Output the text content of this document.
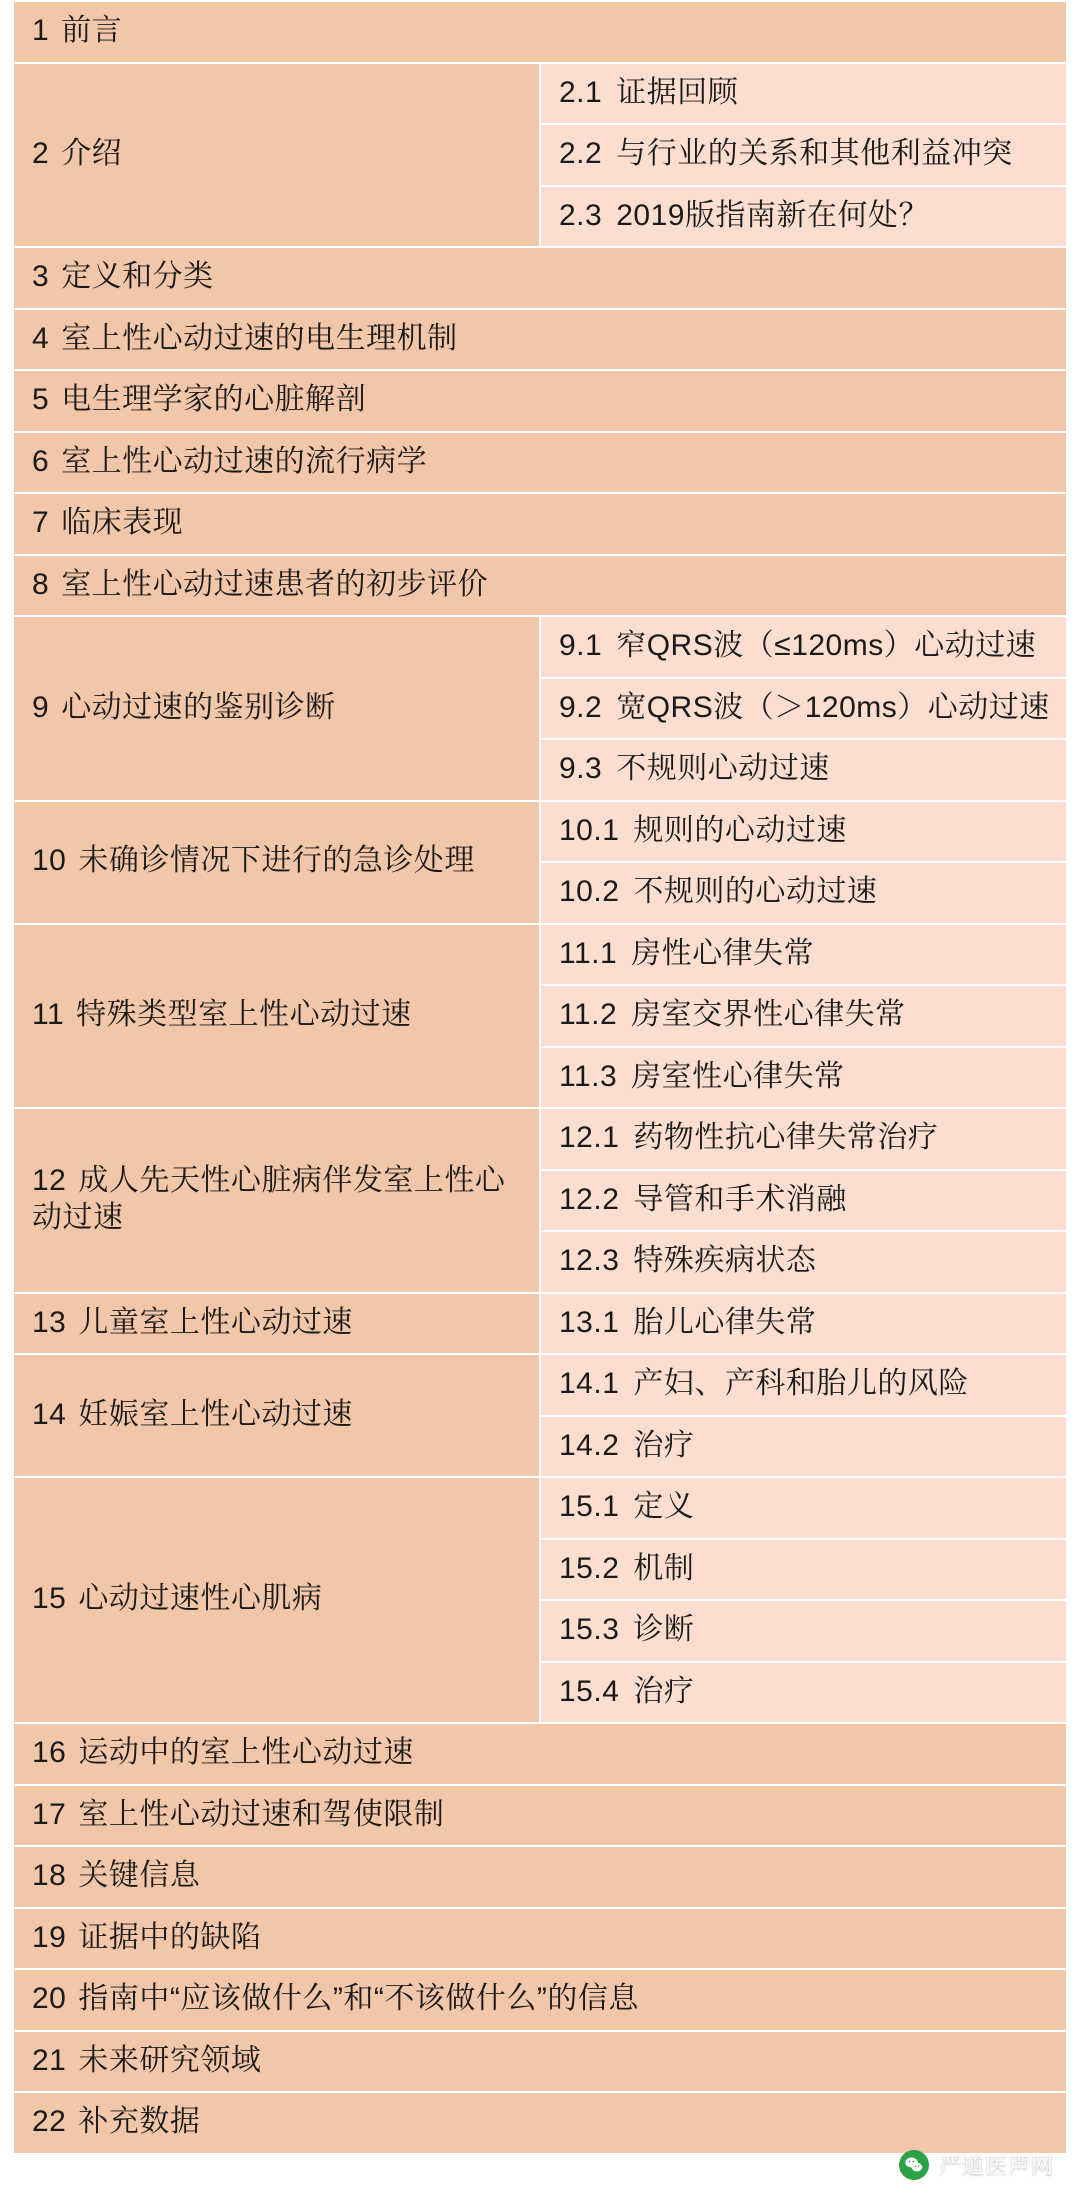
1 前言	
2 介绍	2.1 证据回顾
	2.2 与行业的关系和其他利益冲突
	2.3 2019版指南新在何处？
3 定义和分类	
4 室上性心动过速的电生理机制	
5 电生理学家的心脏解剖	
6 室上性心动过速的流行病学	
7 临床表现	
8 室上性心动过速患者的初步评价	
9 心动过速的鉴别诊断	9.1 窄QRS波（≤120ms）心动过速
	9.2 宽QRS波（＞120ms）心动过速
	9.3 不规则心动过速
10 未确诊情况下进行的急诊处理	10.1 规则的心动过速
	10.2 不规则的心动过速
11 特殊类型室上性心动过速	11.1 房性心律失常
	11.2 房室交界性心律失常
	11.3 房室性心律失常
12 成人先天性心脏病伴发室上性心动过速	12.1 药物性抗心律失常治疗
	12.2 导管和手术消融
	12.3 特殊疾病状态
13 儿童室上性心动过速	13.1 胎儿心律失常
14 妊娠室上性心动过速	14.1 产妇、产科和胎儿的风险
	14.2 治疗
15 心动过速性心肌病	15.1 定义
	15.2 机制
	15.3 诊断
	15.4 治疗
16 运动中的室上性心动过速	
17 室上性心动过速和驾使限制	
18 关键信息	
19 证据中的缺陷	
20 指南中“应该做什么”和“不该做什么”的信息	
21 未来研究领域	
22 补充数据	
严道医声网
